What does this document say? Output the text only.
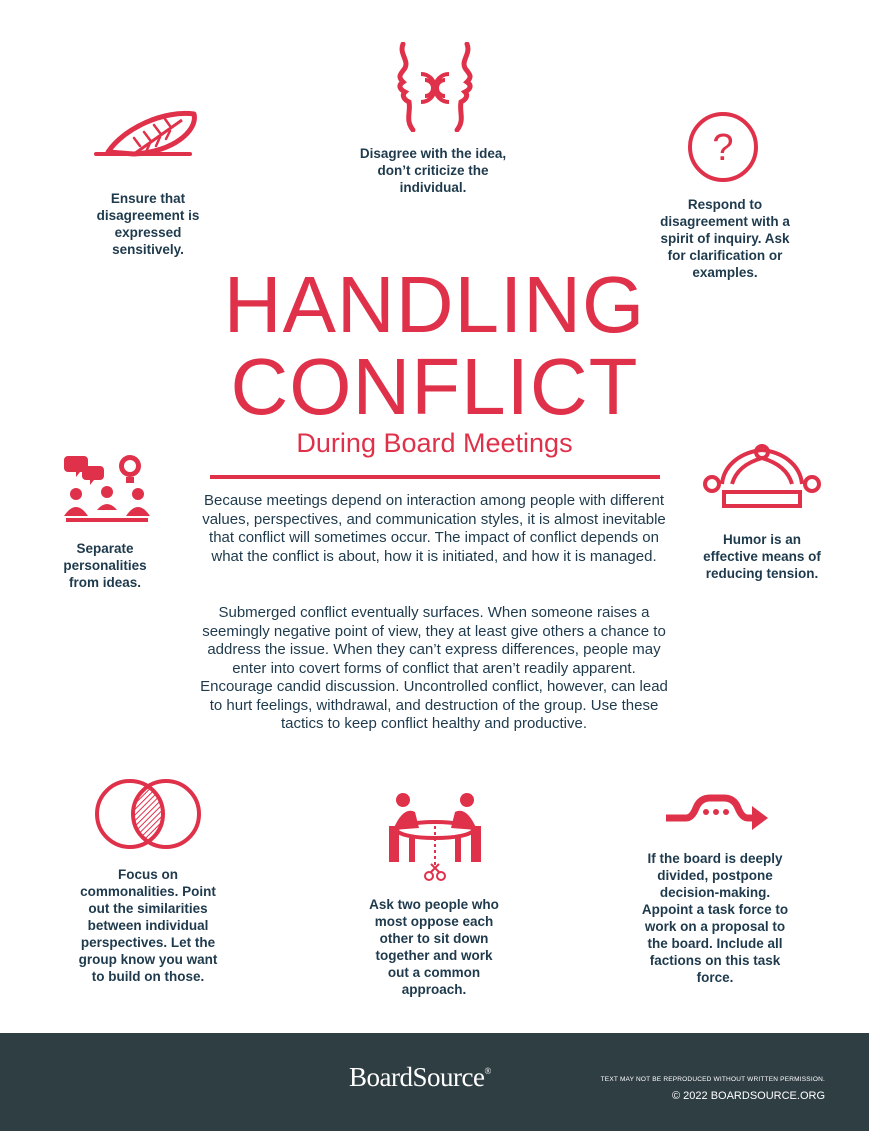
Ensure that disagreement is expressed sensitively.
Disagree with the idea, don’t criticize the individual.
?
Respond to disagreement with a spirit of inquiry. Ask for clarification or examples.
HANDLING
CONFLICT
During Board Meetings
Separate personalities from ideas.
Humor is an effective means of reducing tension.
Because meetings depend on interaction among people with different values, perspectives, and communication styles, it is almost inevitable that conflict will sometimes occur. The impact of conflict depends on what the conflict is about, how it is initiated, and how it is managed.
Submerged conflict eventually surfaces. When someone raises a seemingly negative point of view, they at least give others a chance to address the issue. When they can’t express differences, people may enter into covert forms of conflict that aren’t readily apparent. Encourage candid discussion. Uncontrolled conflict, however, can lead to hurt feelings, withdrawal, and destruction of the group. Use these tactics to keep conflict healthy and productive.
Focus on commonalities. Point out the similarities between individual perspectives. Let the group know you want to build on those.
Ask two people who most oppose each other to sit down together and work out a common approach.
If the board is deeply divided, postpone decision-making. Appoint a task force to work on a proposal to the board. Include all factions on this task force.
BoardSource®
TEXT MAY NOT BE REPRODUCED WITHOUT WRITTEN PERMISSION.
© 2022 BOARDSOURCE.ORG
